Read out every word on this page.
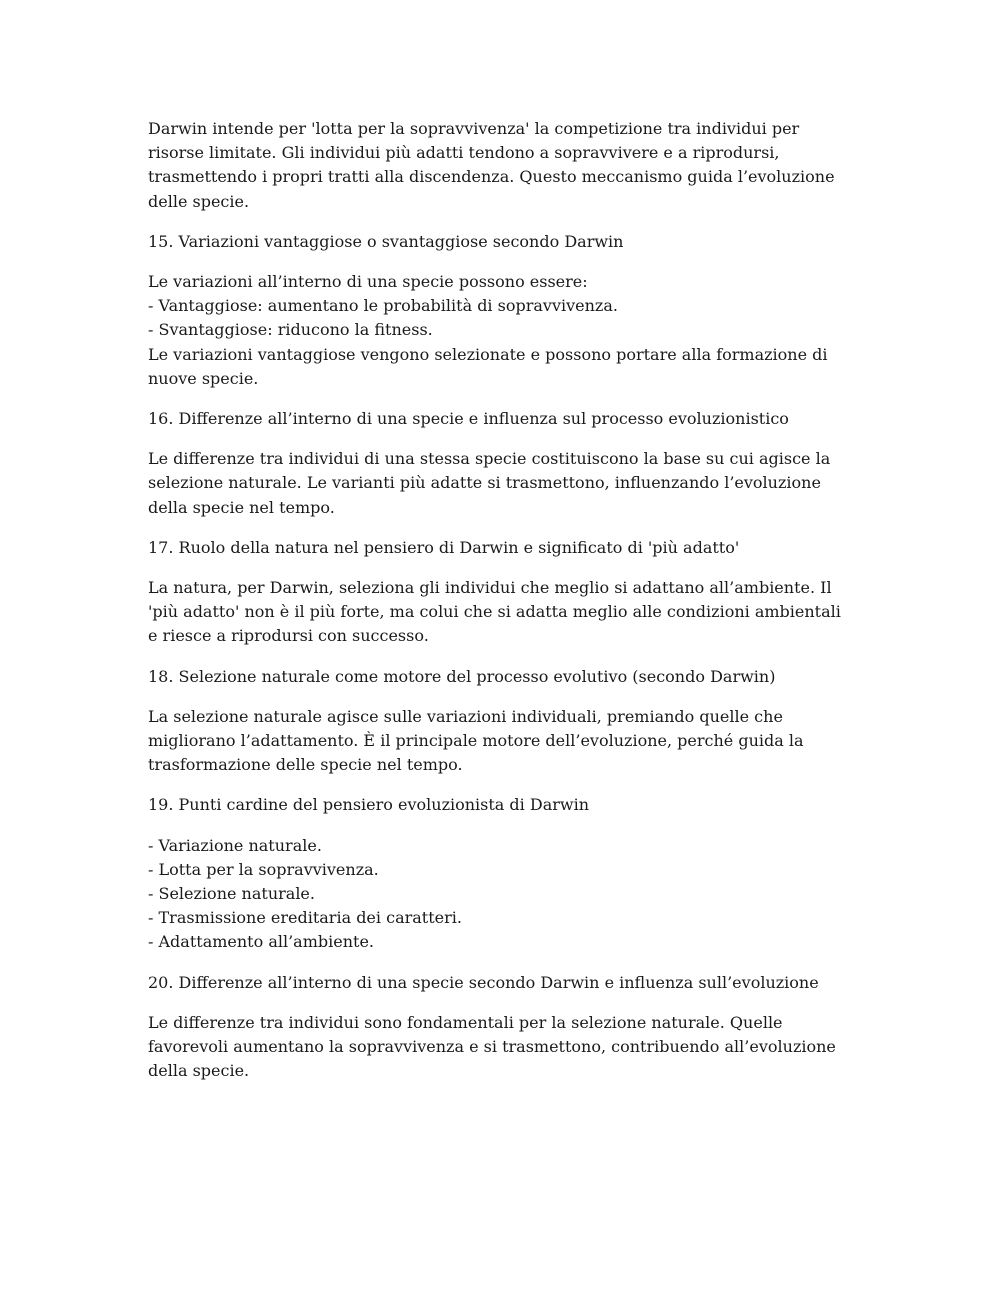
Darwin intende per 'lotta per la sopravvivenza' la competizione tra individui per risorse limitate. Gli individui più adatti tendono a sopravvivere e a riprodursi, trasmettendo i propri tratti alla discendenza. Questo meccanismo guida l’evoluzione delle specie.

15. Variazioni vantaggiose o svantaggiose secondo Darwin

Le variazioni all’interno di una specie possono essere:
- Vantaggiose: aumentano le probabilità di sopravvivenza.
- Svantaggiose: riducono la fitness.
Le variazioni vantaggiose vengono selezionate e possono portare alla formazione di nuove specie.

16. Differenze all’interno di una specie e influenza sul processo evoluzionistico

Le differenze tra individui di una stessa specie costituiscono la base su cui agisce la selezione naturale. Le varianti più adatte si trasmettono, influenzando l’evoluzione della specie nel tempo.

17. Ruolo della natura nel pensiero di Darwin e significato di 'più adatto'

La natura, per Darwin, seleziona gli individui che meglio si adattano all’ambiente. Il 'più adatto' non è il più forte, ma colui che si adatta meglio alle condizioni ambientali e riesce a riprodursi con successo.

18. Selezione naturale come motore del processo evolutivo (secondo Darwin)

La selezione naturale agisce sulle variazioni individuali, premiando quelle che migliorano l’adattamento. È il principale motore dell’evoluzione, perché guida la trasformazione delle specie nel tempo.

19. Punti cardine del pensiero evoluzionista di Darwin

- Variazione naturale.
- Lotta per la sopravvivenza.
- Selezione naturale.
- Trasmissione ereditaria dei caratteri.
- Adattamento all’ambiente.

20. Differenze all’interno di una specie secondo Darwin e influenza sull’evoluzione

Le differenze tra individui sono fondamentali per la selezione naturale. Quelle favorevoli aumentano la sopravvivenza e si trasmettono, contribuendo all’evoluzione della specie.
